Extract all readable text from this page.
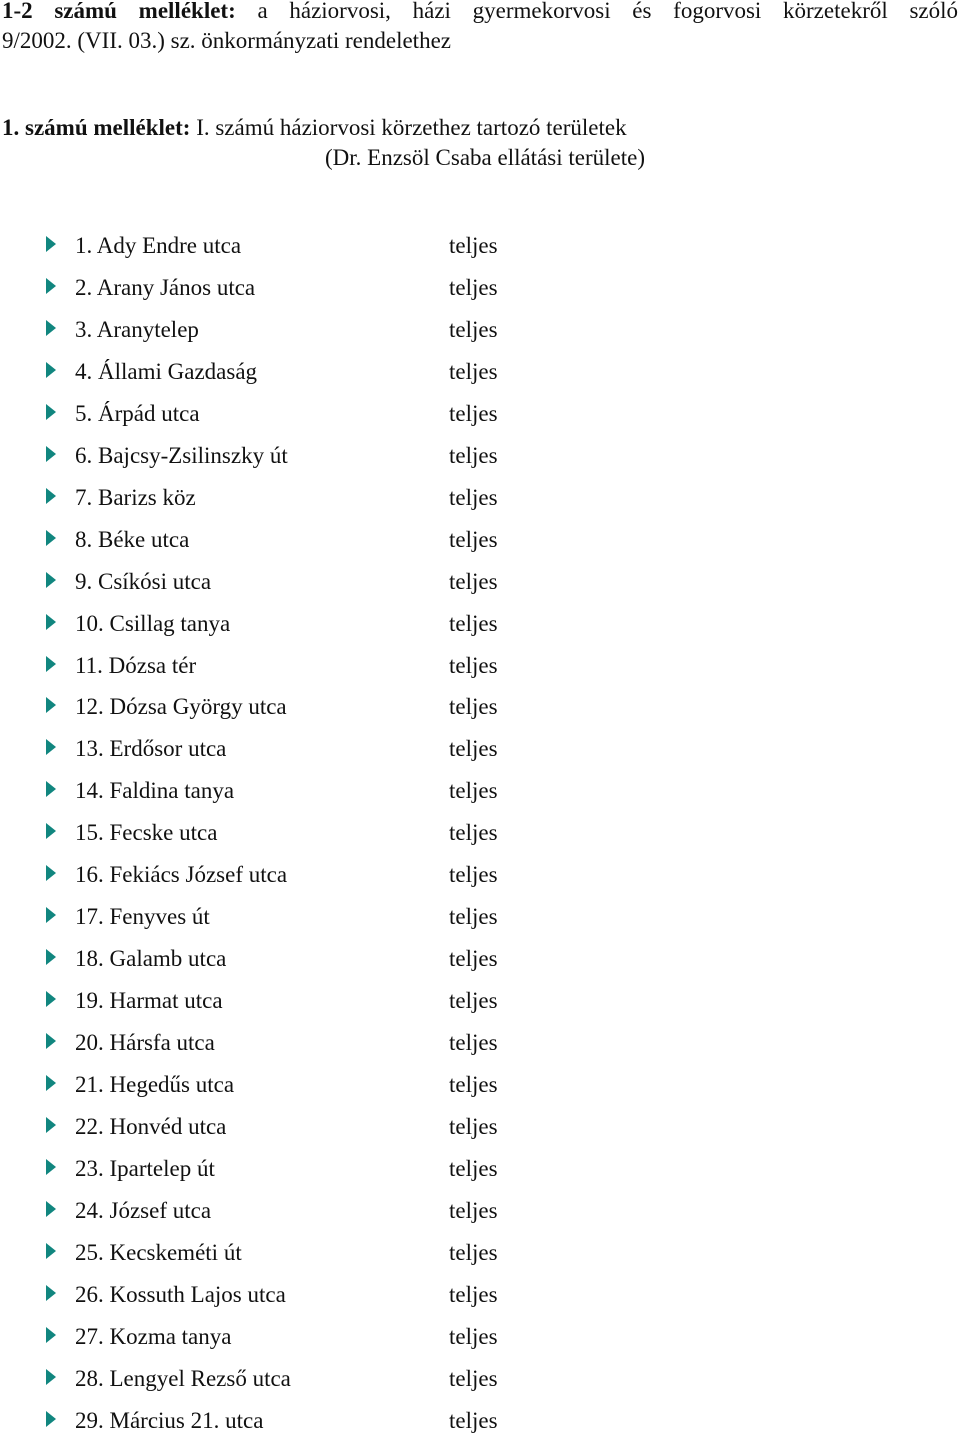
1-2 számú melléklet: a háziorvosi, házi gyermekorvosi és fogorvosi körzetekről szóló
9/2002. (VII. 03.) sz. önkormányzati rendelethez
1. számú melléklet: I. számú háziorvosi körzethez tartozó területek
(Dr. Enzsöl Csaba ellátási területe)
1. Ady Endre utca	teljes
2. Arany János utca	teljes
3. Aranytelep	teljes
4. Állami Gazdaság	teljes
5. Árpád utca	teljes
6. Bajcsy-Zsilinszky út	teljes
7. Barizs köz	teljes
8. Béke utca	teljes
9. Csíkósi utca	teljes
10. Csillag tanya	teljes
11. Dózsa tér	teljes
12. Dózsa György utca	teljes
13. Erdősor utca	teljes
14. Faldina tanya	teljes
15. Fecske utca	teljes
16. Fekiács József utca	teljes
17. Fenyves út	teljes
18. Galamb utca	teljes
19. Harmat utca	teljes
20. Hársfa utca	teljes
21. Hegedűs utca	teljes
22. Honvéd utca	teljes
23. Ipartelep út	teljes
24. József utca	teljes
25. Kecskeméti út	teljes
26. Kossuth Lajos utca	teljes
27. Kozma tanya	teljes
28. Lengyel Rezső utca	teljes
29. Március 21. utca	teljes
